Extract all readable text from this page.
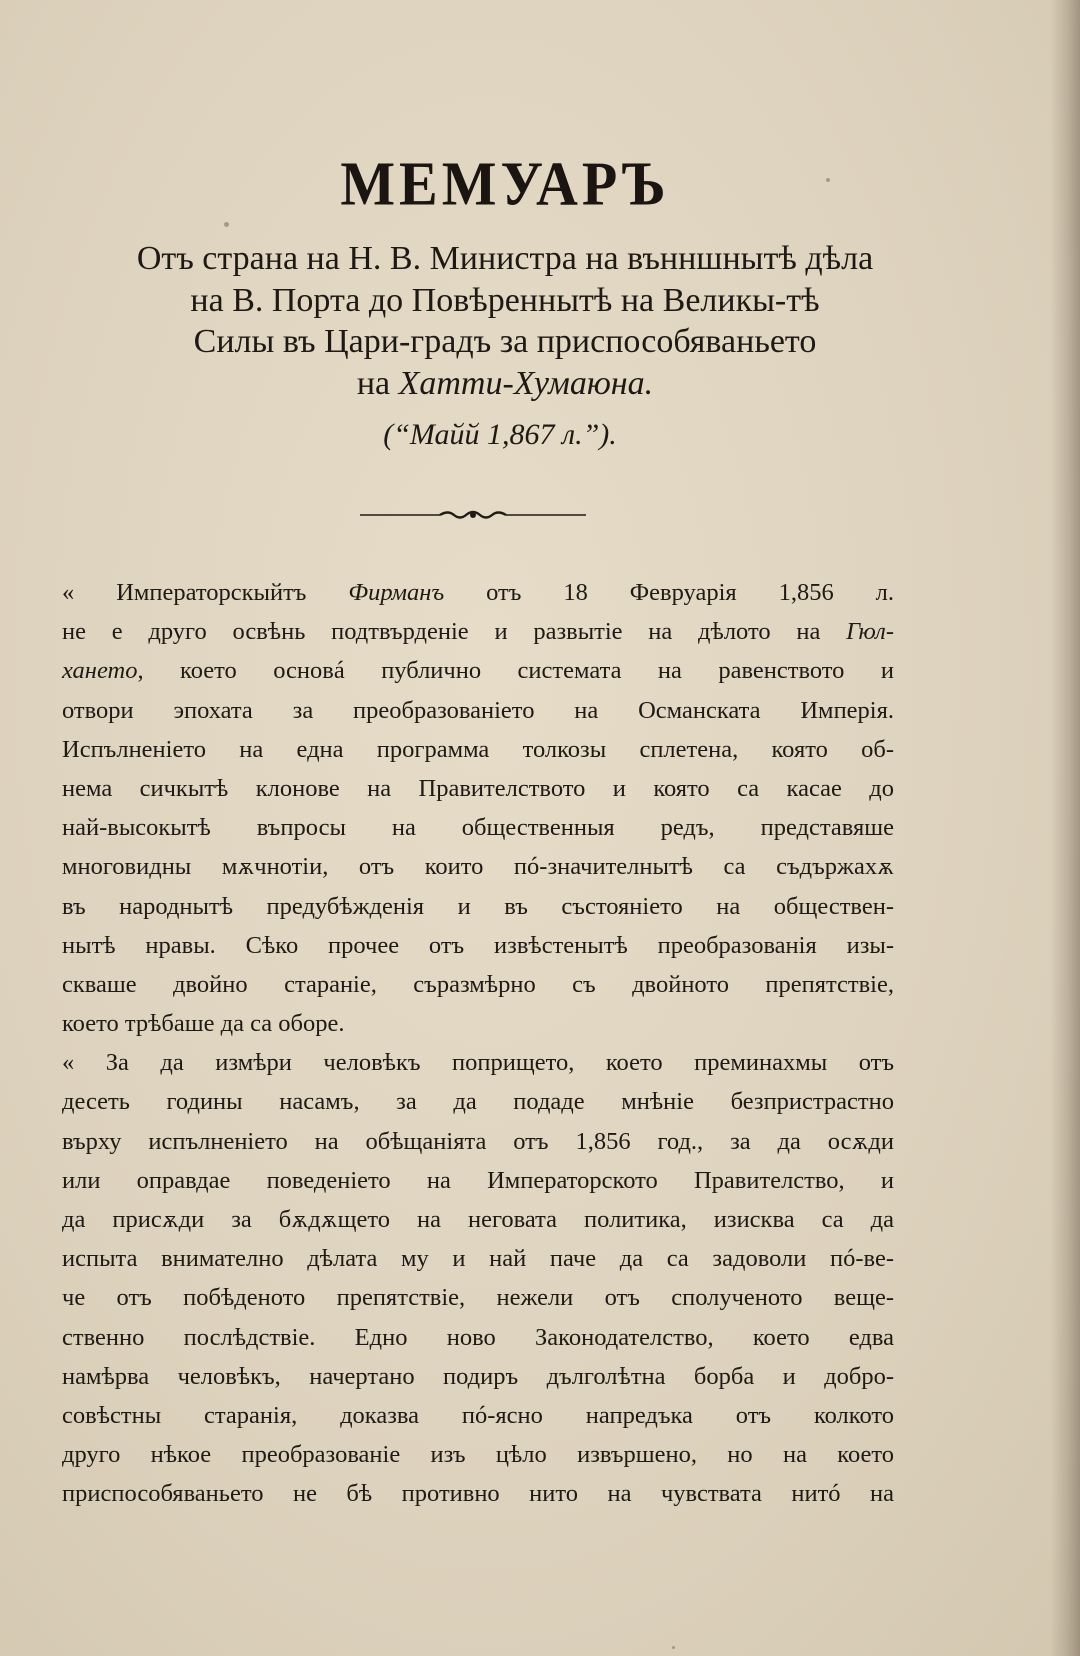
МЕМУАРЪ
Отъ страна на Н. В. Министра на вънншнытѣ дѣла
на В. Порта до Повѣреннытѣ на Великы-тѣ
Силы въ Цари-градъ за приспособяваньето
на Хатти-Хумаюна.
(“Майй 1,867 л.”).
« Императорскыйтъ Фирманъ отъ 18 Февруарія 1,856 л.
не е друго освѣнь подтвърденіе и развытіе на дѣлото на Гюл-
хането, което основá публично системата на равенството и
отвори эпохата за преобразованіето на Османската Имперія.
Испълненіето на една программа толкозы сплетена, която об-
нема сичкытѣ клонове на Правителството и която са касае до
най-высокытѣ въпросы на общественныя редъ, представяше
многовидны мѫчнотіи, отъ които пó-значителнытѣ са съдържахѫ
въ народнытѣ предубѣжденія и въ състоянiето на обществен-
нытѣ нравы. Сѣко прочее отъ извѣстенытѣ преобразованія изы-
скваше двойно стараніе, съразмѣрно съ двойното препятствіе,
което трѣбаше да са оборе.
« За да измѣри человѣкъ попрището, което преминахмы отъ
десеть годины насамъ, за да подаде мнѣніе безпристрастно
върху испълненіето на обѣщанiята отъ 1,856 год., за да осѫди
или оправдае поведеніето на Императорското Правителство, и
да присѫди за бѫдѫщето на неговата политика, изисква са да
испыта внимателно дѣлата му и най паче да са задоволи пó-ве-
че отъ побѣденото препятствіе, нежели отъ сполученото веще-
ственно послѣдствіе. Едно ново Законодателство, което едва
намѣрва человѣкъ, начертано подиръ дълголѣтна борба и добро-
совѣстны старанія, доказва пó-ясно напредъка отъ колкото
друго нѣкое преобразованіе изъ цѣло извършено, но на което
приспособяваньето не бѣ противно нито на чувствата нитó на
